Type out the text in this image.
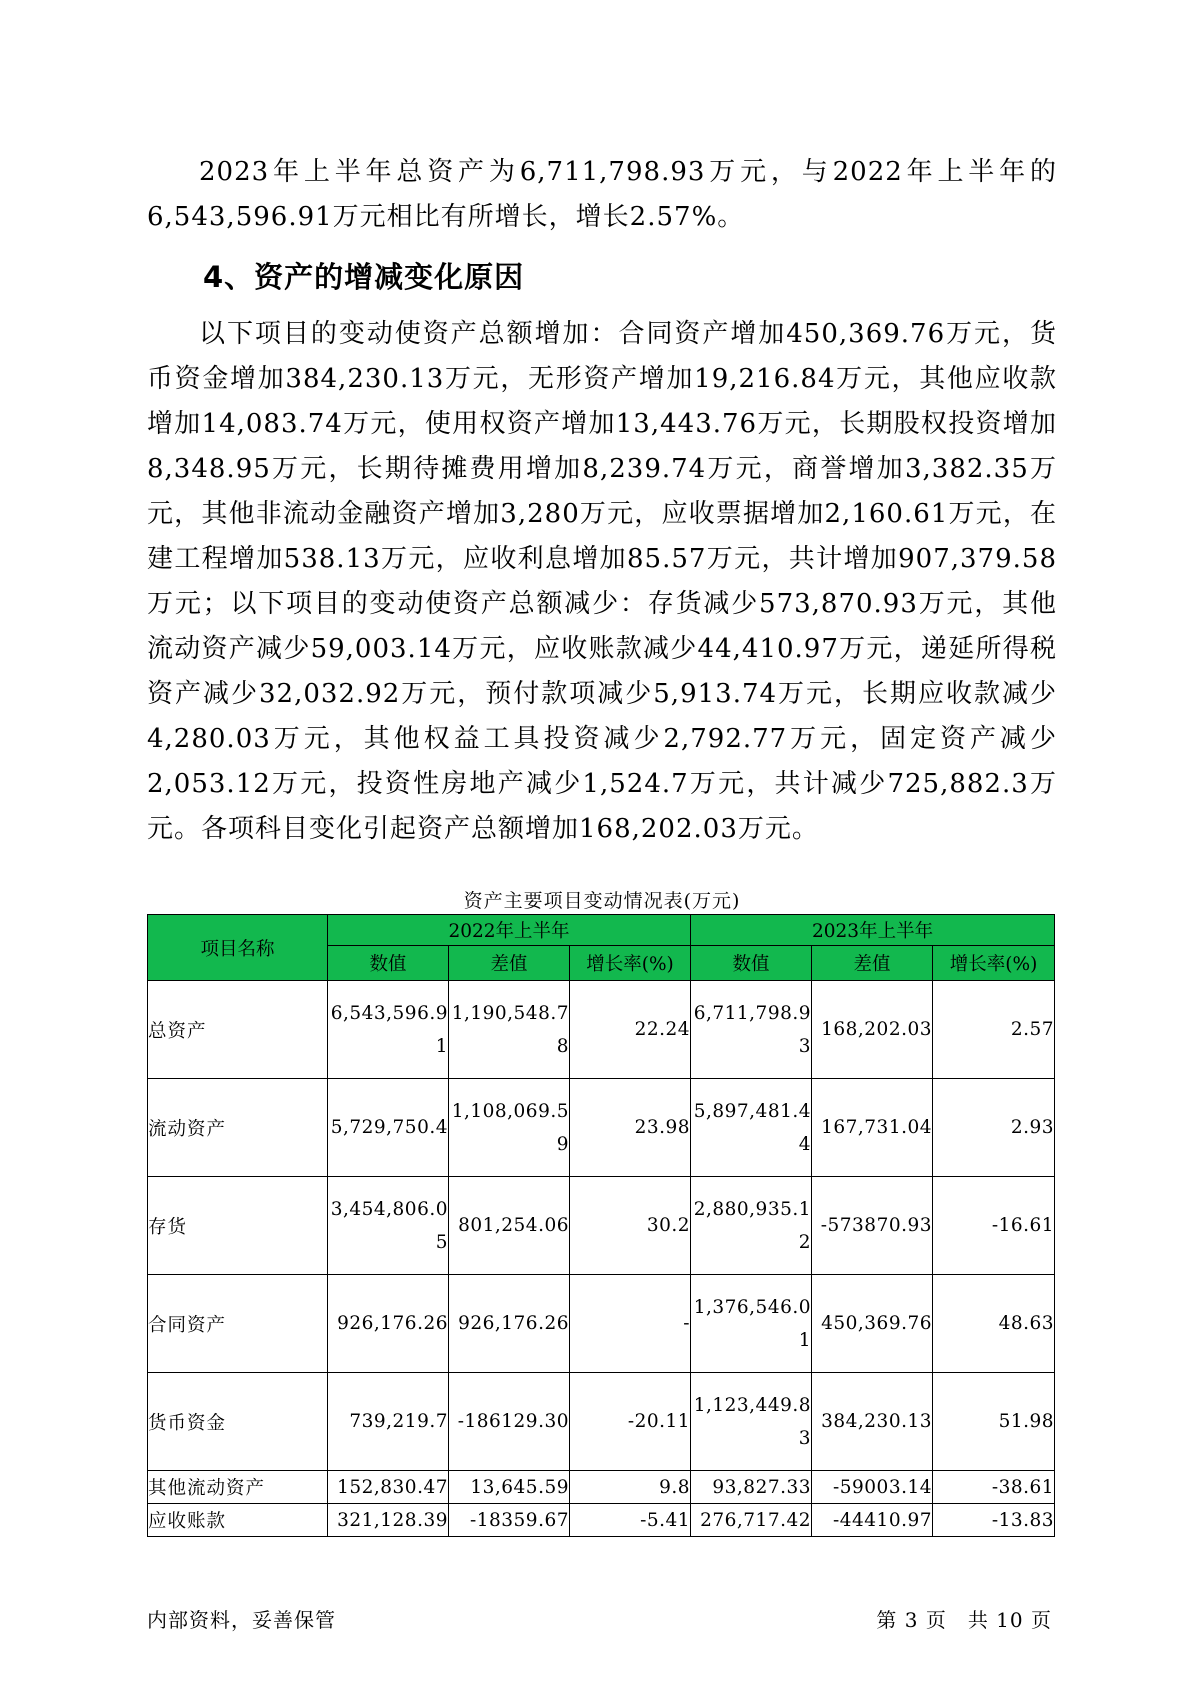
2023年上半年总资产为6,711,798.93万元，与2022年上半年的6,543,596.91万元相比有所增长，增长2.57%。

4、资产的增减变化原因

以下项目的变动使资产总额增加：合同资产增加450,369.76万元，货币资金增加384,230.13万元，无形资产增加19,216.84万元，其他应收款增加14,083.74万元，使用权资产增加13,443.76万元，长期股权投资增加8,348.95万元，长期待摊费用增加8,239.74万元，商誉增加3,382.35万元，其他非流动金融资产增加3,280万元，应收票据增加2,160.61万元，在建工程增加538.13万元，应收利息增加85.57万元，共计增加907,379.58万元；以下项目的变动使资产总额减少：存货减少573,870.93万元，其他流动资产减少59,003.14万元，应收账款减少44,410.97万元，递延所得税资产减少32,032.92万元，预付款项减少5,913.74万元，长期应收款减少4,280.03万元，其他权益工具投资减少2,792.77万元，固定资产减少2,053.12万元，投资性房地产减少1,524.7万元，共计减少725,882.3万元。各项科目变化引起资产总额增加168,202.03万元。

资产主要项目变动情况表(万元)
项目名称	2022年上半年			2023年上半年		
	数值	差值	增长率(%)	数值	差值	增长率(%)
总资产	6,543,596.91	1,190,548.78	22.24	6,711,798.93	168,202.03	2.57
流动资产	5,729,750.4	1,108,069.59	23.98	5,897,481.44	167,731.04	2.93
存货	3,454,806.05	801,254.06	30.2	2,880,935.12	-573870.93	-16.61
合同资产	926,176.26	926,176.26	-	1,376,546.01	450,369.76	48.63
货币资金	739,219.7	-186129.30	-20.11	1,123,449.83	384,230.13	51.98
其他流动资产	152,830.47	13,645.59	9.8	93,827.33	-59003.14	-38.61
应收账款	321,128.39	-18359.67	-5.41	276,717.42	-44410.97	-13.83
内部资料，妥善保管	第 3 页　共 10 页
